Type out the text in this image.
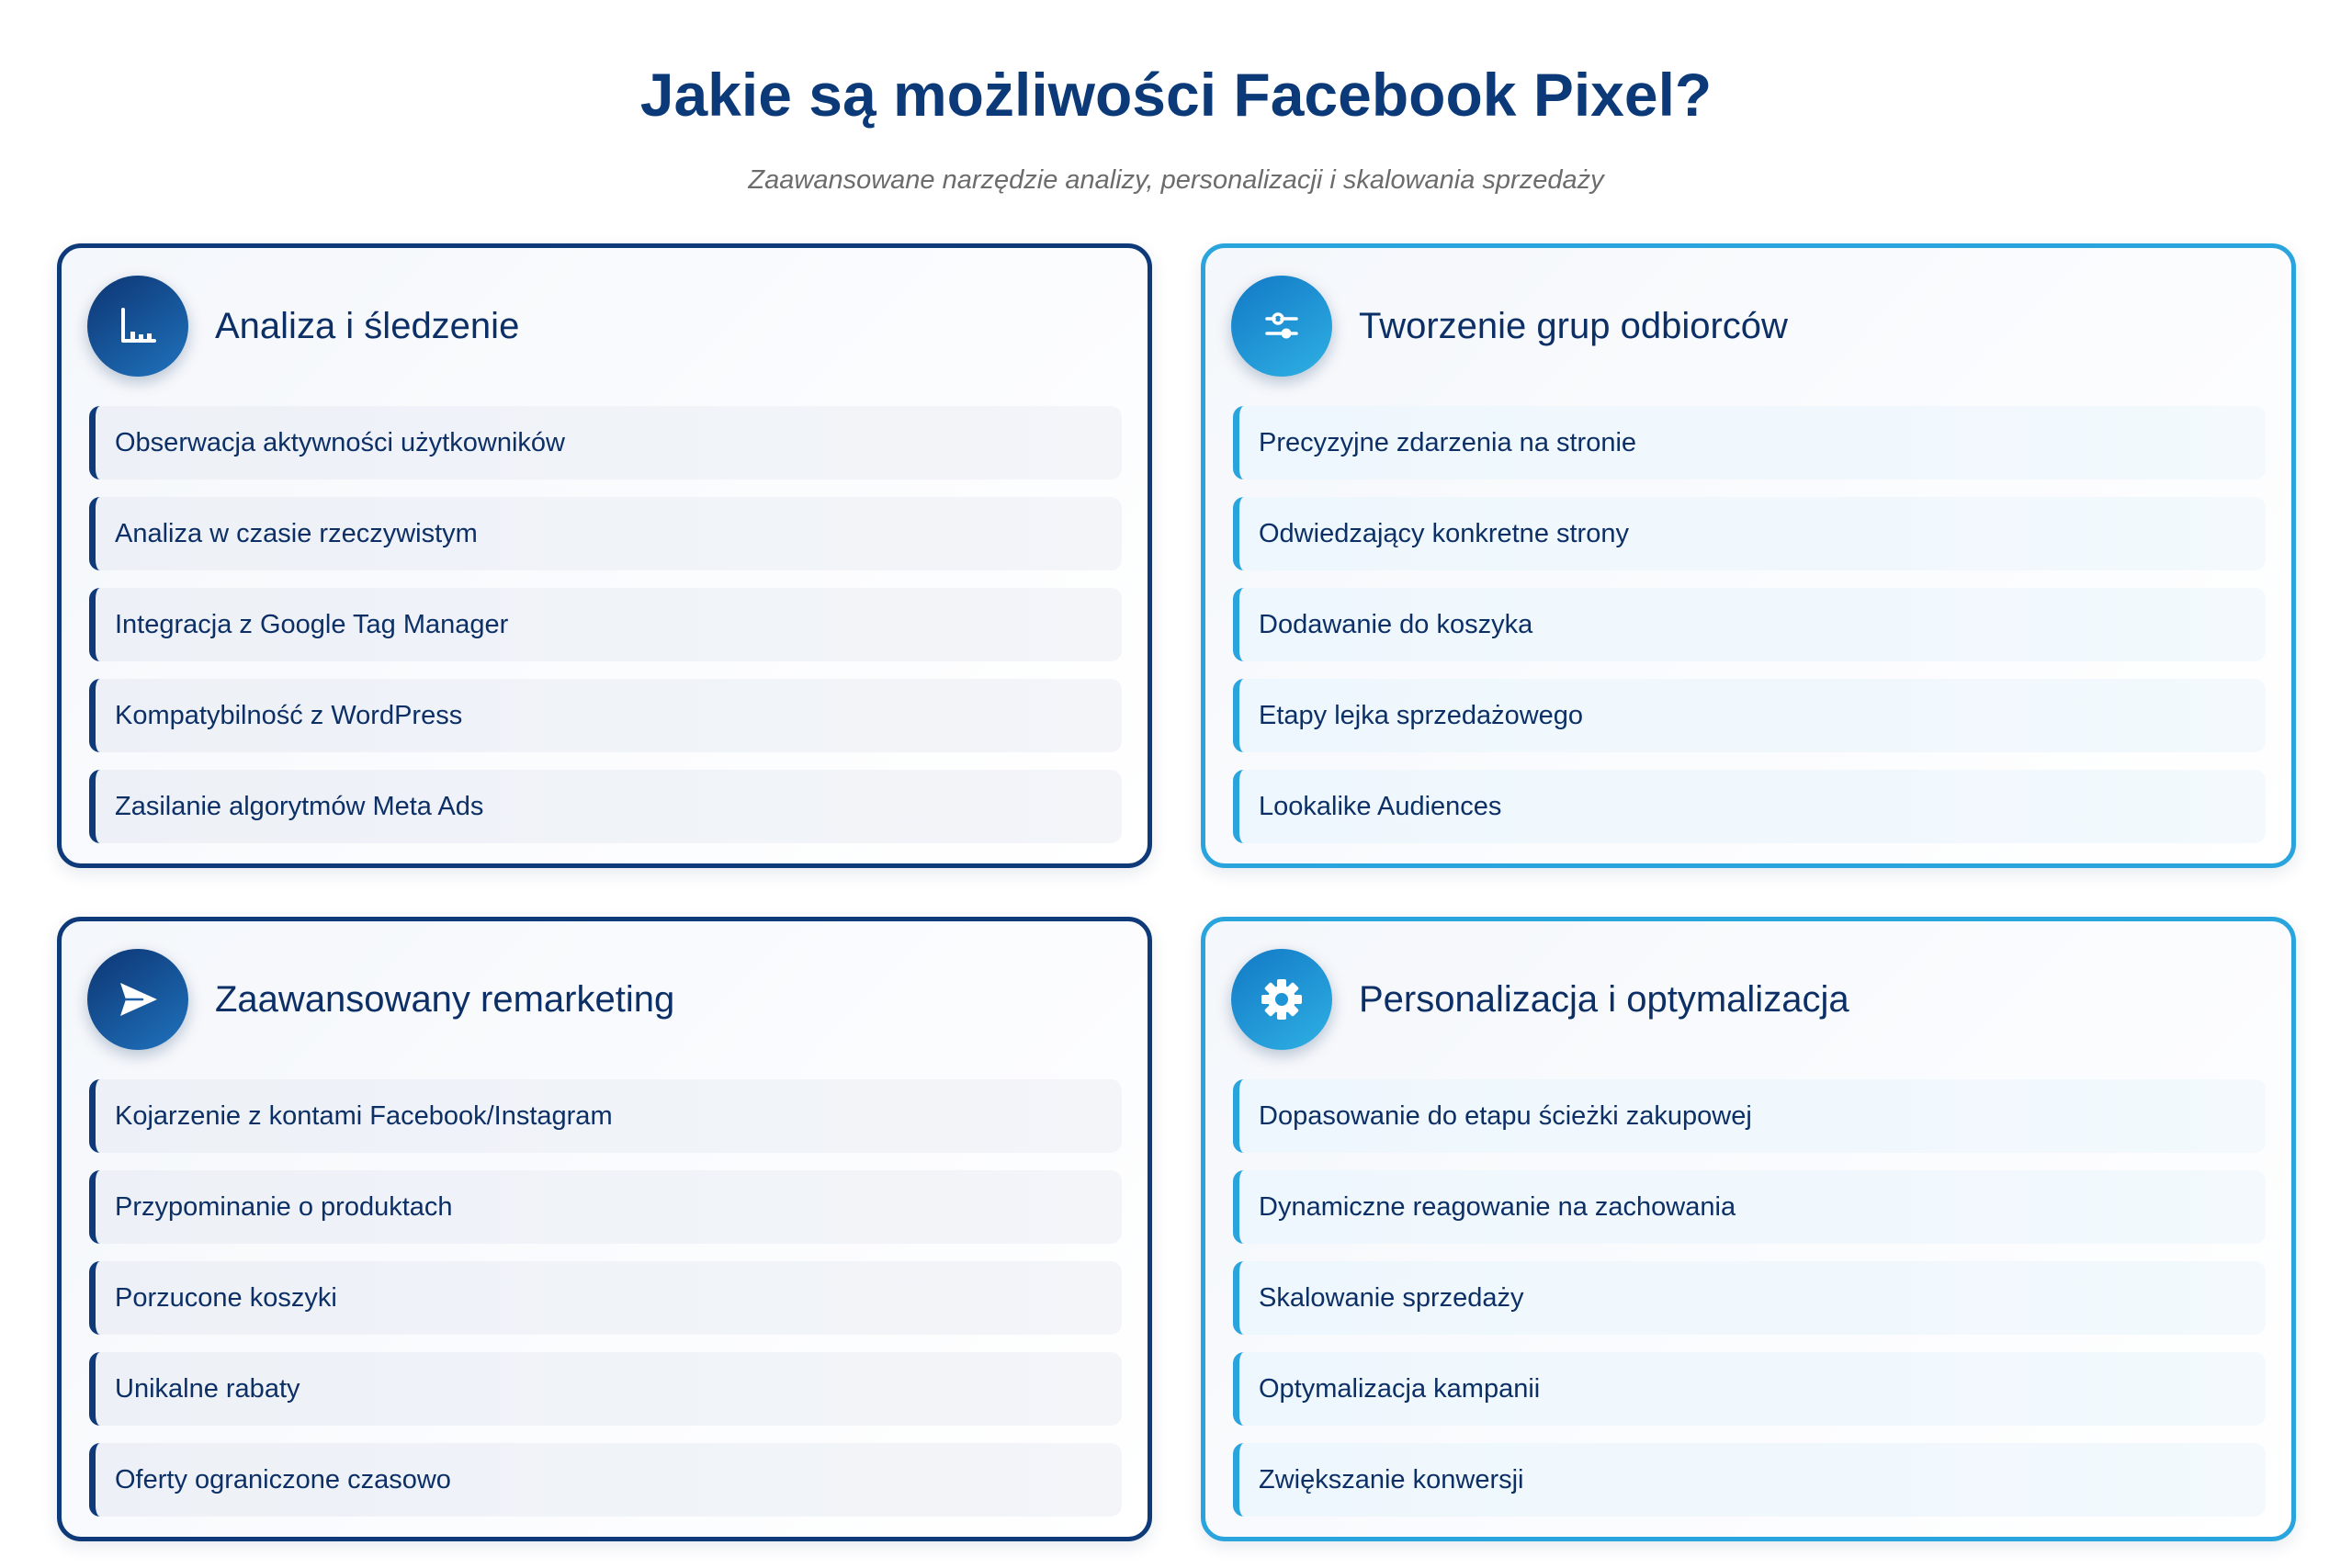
Jakie są możliwości Facebook Pixel?

Zaawansowane narzędzie analizy, personalizacji i skalowania sprzedaży

Analiza i śledzenie
Obserwacja aktywności użytkowników
Analiza w czasie rzeczywistym
Integracja z Google Tag Manager
Kompatybilność z WordPress
Zasilanie algorytmów Meta Ads
Tworzenie grup odbiorców
Precyzyjne zdarzenia na stronie
Odwiedzający konkretne strony
Dodawanie do koszyka
Etapy lejka sprzedażowego
Lookalike Audiences
Zaawansowany remarketing
Kojarzenie z kontami Facebook/Instagram
Przypominanie o produktach
Porzucone koszyki
Unikalne rabaty
Oferty ograniczone czasowo
Personalizacja i optymalizacja
Dopasowanie do etapu ścieżki zakupowej
Dynamiczne reagowanie na zachowania
Skalowanie sprzedaży
Optymalizacja kampanii
Zwiększanie konwersji
